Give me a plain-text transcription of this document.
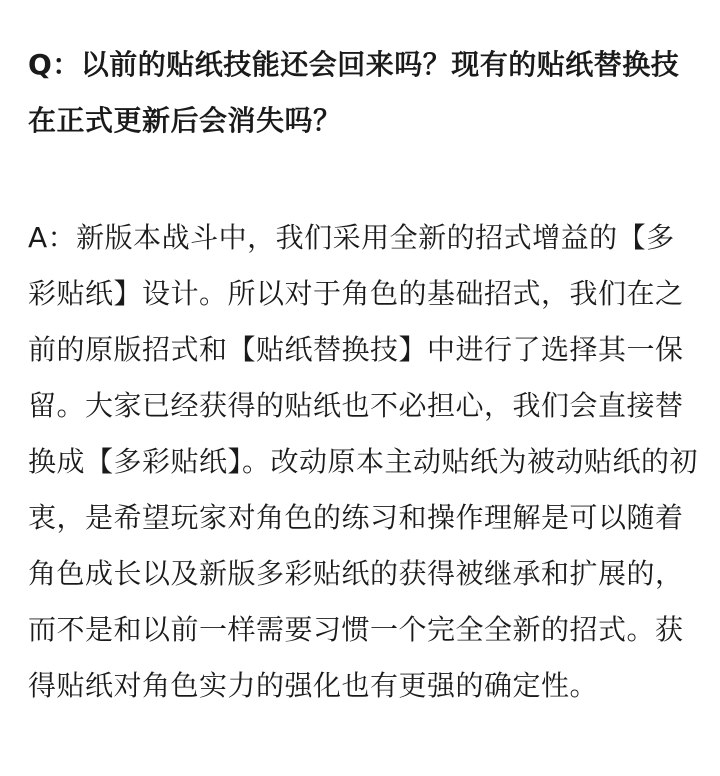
Q：以前的贴纸技能还会回来吗？现有的贴纸替换技在正式更新后会消失吗？

A：新版本战斗中，我们采用全新的招式增益的【多彩贴纸】设计。所以对于角色的基础招式，我们在之前的原版招式和【贴纸替换技】中进行了选择其一保留。大家已经获得的贴纸也不必担心，我们会直接替换成【多彩贴纸】。改动原本主动贴纸为被动贴纸的初衷，是希望玩家对角色的练习和操作理解是可以随着角色成长以及新版多彩贴纸的获得被继承和扩展的，而不是和以前一样需要习惯一个完全全新的招式。获得贴纸对角色实力的强化也有更强的确定性。
